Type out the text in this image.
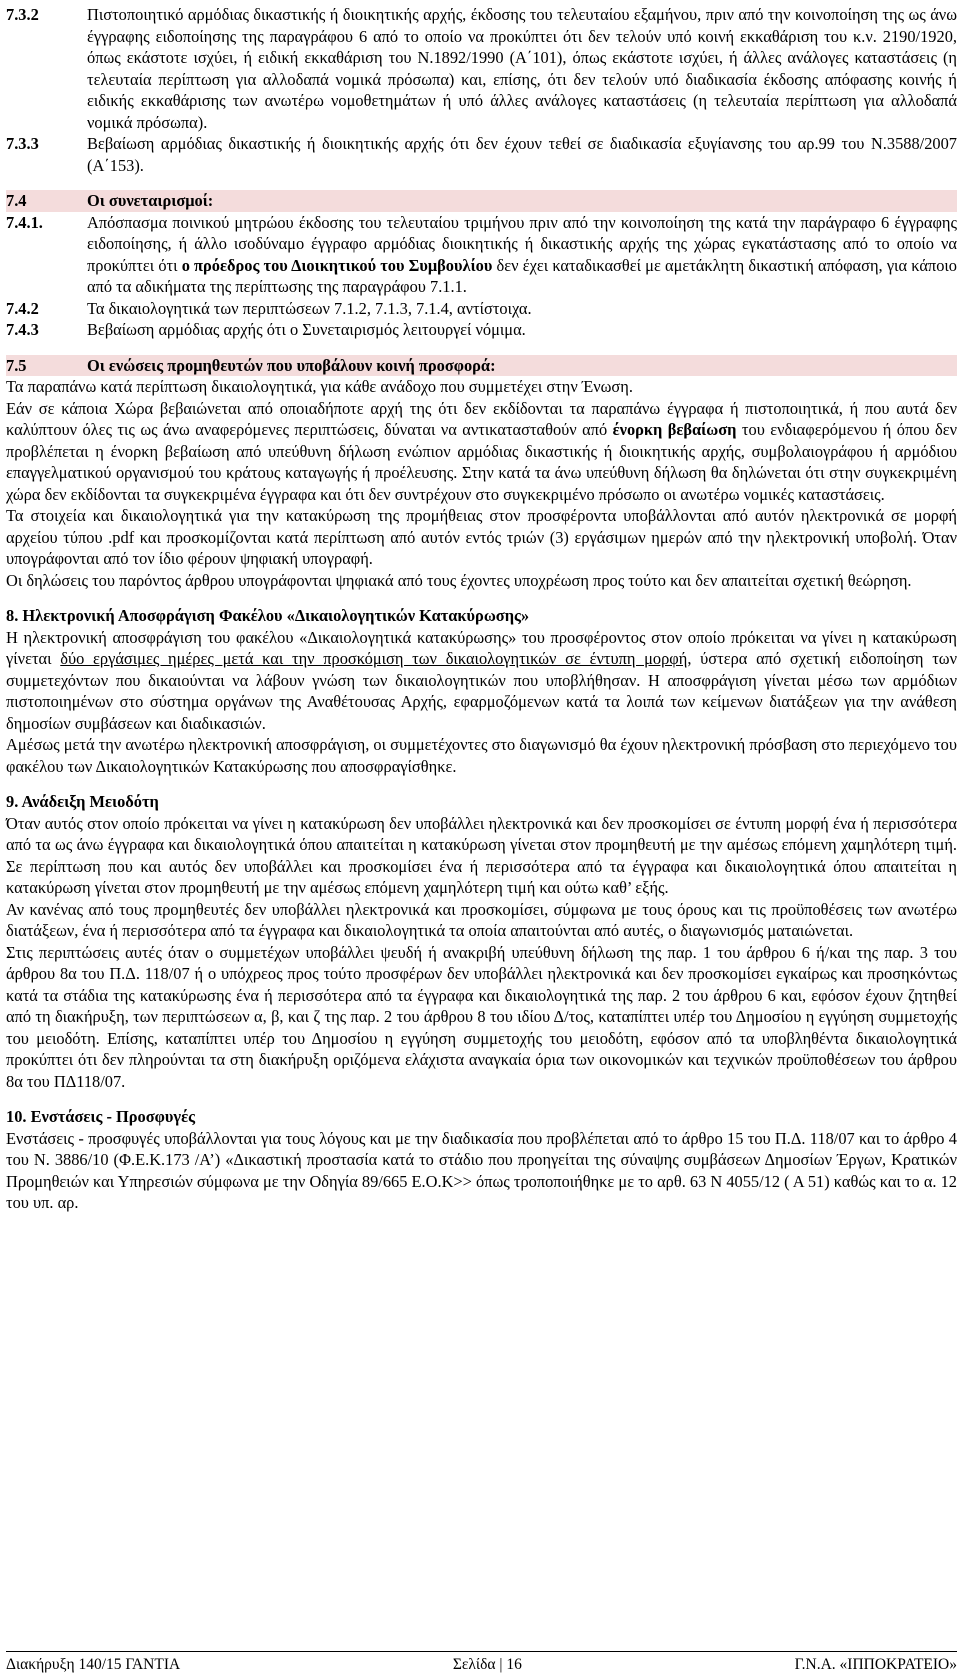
7.3.2	Πιστοποιητικό αρμόδιας δικαστικής ή διοικητικής αρχής, έκδοσης του τελευταίου εξαμήνου, πριν από την κοινοποίηση της ως άνω έγγραφης ειδοποίησης της παραγράφου 6 από το οποίο να προκύπτει ότι δεν τελούν υπό κοινή εκκαθάριση του κ.ν. 2190/1920, όπως εκάστοτε ισχύει, ή ειδική εκκαθάριση του Ν.1892/1990 (Α΄101), όπως εκάστοτε ισχύει, ή άλλες ανάλογες καταστάσεις (η τελευταία περίπτωση για αλλοδαπά νομικά πρόσωπα) και, επίσης, ότι δεν τελούν υπό διαδικασία έκδοσης απόφασης κοινής ή ειδικής εκκαθάρισης των ανωτέρω νομοθετημάτων ή υπό άλλες ανάλογες καταστάσεις (η τελευταία περίπτωση για αλλοδαπά νομικά πρόσωπα).
7.3.3	Βεβαίωση αρμόδιας δικαστικής ή διοικητικής αρχής ότι δεν έχουν τεθεί σε διαδικασία εξυγίανσης του αρ.99 του Ν.3588/2007 (Α΄153).
7.4	Οι συνεταιρισμοί:
7.4.1.	Απόσπασμα ποινικού μητρώου έκδοσης του τελευταίου τριμήνου πριν από την κοινοποίηση της κατά την παράγραφο 6 έγγραφης ειδοποίησης, ή άλλο ισοδύναμο έγγραφο αρμόδιας διοικητικής ή δικαστικής αρχής της χώρας εγκατάστασης από το οποίο να προκύπτει ότι ο πρόεδρος του Διοικητικού του Συμβουλίου δεν έχει καταδικασθεί με αμετάκλητη δικαστική απόφαση, για κάποιο από τα αδικήματα της περίπτωσης της παραγράφου 7.1.1.
7.4.2	Τα δικαιολογητικά των περιπτώσεων 7.1.2, 7.1.3, 7.1.4, αντίστοιχα.
7.4.3	Βεβαίωση αρμόδιας αρχής ότι ο Συνεταιρισμός λειτουργεί νόμιμα.
7.5	Οι ενώσεις προμηθευτών που υποβάλουν κοινή προσφορά:

Τα παραπάνω κατά περίπτωση δικαιολογητικά, για κάθε ανάδοχο που συμμετέχει στην Ένωση.

Εάν σε κάποια Χώρα βεβαιώνεται από οποιαδήποτε αρχή της ότι δεν εκδίδονται τα παραπάνω έγγραφα ή πιστοποιητικά, ή που αυτά δεν καλύπτουν όλες τις ως άνω αναφερόμενες περιπτώσεις, δύναται να αντικατασταθούν από ένορκη βεβαίωση του ενδιαφερόμενου ή όπου δεν προβλέπεται η ένορκη βεβαίωση από υπεύθυνη δήλωση ενώπιον αρμόδιας δικαστικής ή διοικητικής αρχής, συμβολαιογράφου ή αρμόδιου επαγγελματικού οργανισμού του κράτους καταγωγής ή προέλευσης. Στην κατά τα άνω υπεύθυνη δήλωση θα δηλώνεται ότι στην συγκεκριμένη χώρα δεν εκδίδονται τα συγκεκριμένα έγγραφα και ότι δεν συντρέχουν στο συγκεκριμένο πρόσωπο οι ανωτέρω νομικές καταστάσεις.

Τα στοιχεία και δικαιολογητικά για την κατακύρωση της προμήθειας στον προσφέροντα υποβάλλονται από αυτόν ηλεκτρονικά σε μορφή αρχείου τύπου .pdf και προσκομίζονται κατά περίπτωση από αυτόν εντός τριών (3) εργάσιμων ημερών από την ηλεκτρονική υποβολή. Όταν υπογράφονται από τον ίδιο φέρουν ψηφιακή υπογραφή.

Οι δηλώσεις του παρόντος άρθρου υπογράφονται ψηφιακά από τους έχοντες υποχρέωση προς τούτο και δεν απαιτείται σχετική θεώρηση.

8. Ηλεκτρονική Αποσφράγιση Φακέλου «Δικαιολογητικών Κατακύρωσης»

Η ηλεκτρονική αποσφράγιση του φακέλου «Δικαιολογητικά κατακύρωσης» του προσφέροντος στον οποίο πρόκειται να γίνει η κατακύρωση γίνεται δύο εργάσιμες ημέρες μετά και την προσκόμιση των δικαιολογητικών σε έντυπη μορφή, ύστερα από σχετική ειδοποίηση των συμμετεχόντων που δικαιούνται να λάβουν γνώση των δικαιολογητικών που υποβλήθησαν. Η αποσφράγιση γίνεται μέσω των αρμόδιων πιστοποιημένων στο σύστημα οργάνων της Αναθέτουσας Αρχής, εφαρμοζόμενων κατά τα λοιπά των κείμενων διατάξεων για την ανάθεση δημοσίων συμβάσεων και διαδικασιών.

Αμέσως μετά την ανωτέρω ηλεκτρονική αποσφράγιση, οι συμμετέχοντες στο διαγωνισμό θα έχουν ηλεκτρονική πρόσβαση στο περιεχόμενο του φακέλου των Δικαιολογητικών Κατακύρωσης που αποσφραγίσθηκε.

9. Ανάδειξη Μειοδότη

Όταν αυτός στον οποίο πρόκειται να γίνει η κατακύρωση δεν υποβάλλει ηλεκτρονικά και δεν προσκομίσει σε έντυπη μορφή ένα ή περισσότερα από τα ως άνω έγγραφα και δικαιολογητικά όπου απαιτείται η κατακύρωση γίνεται στον προμηθευτή με την αμέσως επόμενη χαμηλότερη τιμή. Σε περίπτωση που και αυτός δεν υποβάλλει και προσκομίσει ένα ή περισσότερα από τα έγγραφα και δικαιολογητικά όπου απαιτείται η κατακύρωση γίνεται στον προμηθευτή με την αμέσως επόμενη χαμηλότερη τιμή και ούτω καθ’ εξής.

Αν κανένας από τους προμηθευτές δεν υποβάλλει ηλεκτρονικά και προσκομίσει, σύμφωνα με τους όρους και τις προϋποθέσεις των ανωτέρω διατάξεων, ένα ή περισσότερα από τα έγγραφα και δικαιολογητικά τα οποία απαιτούνται από αυτές, ο διαγωνισμός ματαιώνεται.

Στις περιπτώσεις αυτές όταν ο συμμετέχων υποβάλλει ψευδή ή ανακριβή υπεύθυνη δήλωση της παρ. 1 του άρθρου 6 ή/και της παρ. 3 του άρθρου 8α του Π.Δ. 118/07 ή ο υπόχρεος προς τούτο προσφέρων δεν υποβάλλει ηλεκτρονικά και δεν προσκομίσει εγκαίρως και προσηκόντως κατά τα στάδια της κατακύρωσης ένα ή περισσότερα από τα έγγραφα και δικαιολογητικά της παρ. 2 του άρθρου 6 και, εφόσον έχουν ζητηθεί από τη διακήρυξη, των περιπτώσεων α, β, και ζ της παρ. 2 του άρθρου 8 του ιδίου Δ/τος, καταπίπτει υπέρ του Δημοσίου η εγγύηση συμμετοχής του μειοδότη. Επίσης, καταπίπτει υπέρ του Δημοσίου η εγγύηση συμμετοχής του μειοδότη, εφόσον από τα υποβληθέντα δικαιολογητικά προκύπτει ότι δεν πληρούνται τα στη διακήρυξη οριζόμενα ελάχιστα αναγκαία όρια των οικονομικών και τεχνικών προϋποθέσεων του άρθρου 8α του ΠΔ118/07.

10. Ενστάσεις - Προσφυγές

Ενστάσεις - προσφυγές υποβάλλονται για τους λόγους και με την διαδικασία που προβλέπεται από το άρθρο 15 του Π.Δ. 118/07 και το άρθρο 4 του Ν. 3886/10 (Φ.Ε.Κ.173 /Α’) «Δικαστική προστασία κατά το στάδιο που προηγείται της σύναψης συμβάσεων Δημοσίων Έργων, Κρατικών Προμηθειών και Υπηρεσιών σύμφωνα με την Οδηγία 89/665 Ε.Ο.Κ>> όπως τροποποιήθηκε με το αρθ. 63 Ν 4055/12 ( Α 51) καθώς και το α. 12 του υπ. αρ.

Διακήρυξη 140/15 ΓΑΝΤΙΑ	Σελίδα | 16	Γ.Ν.Α. «ΙΠΠΟΚΡΑΤΕΙΟ»
